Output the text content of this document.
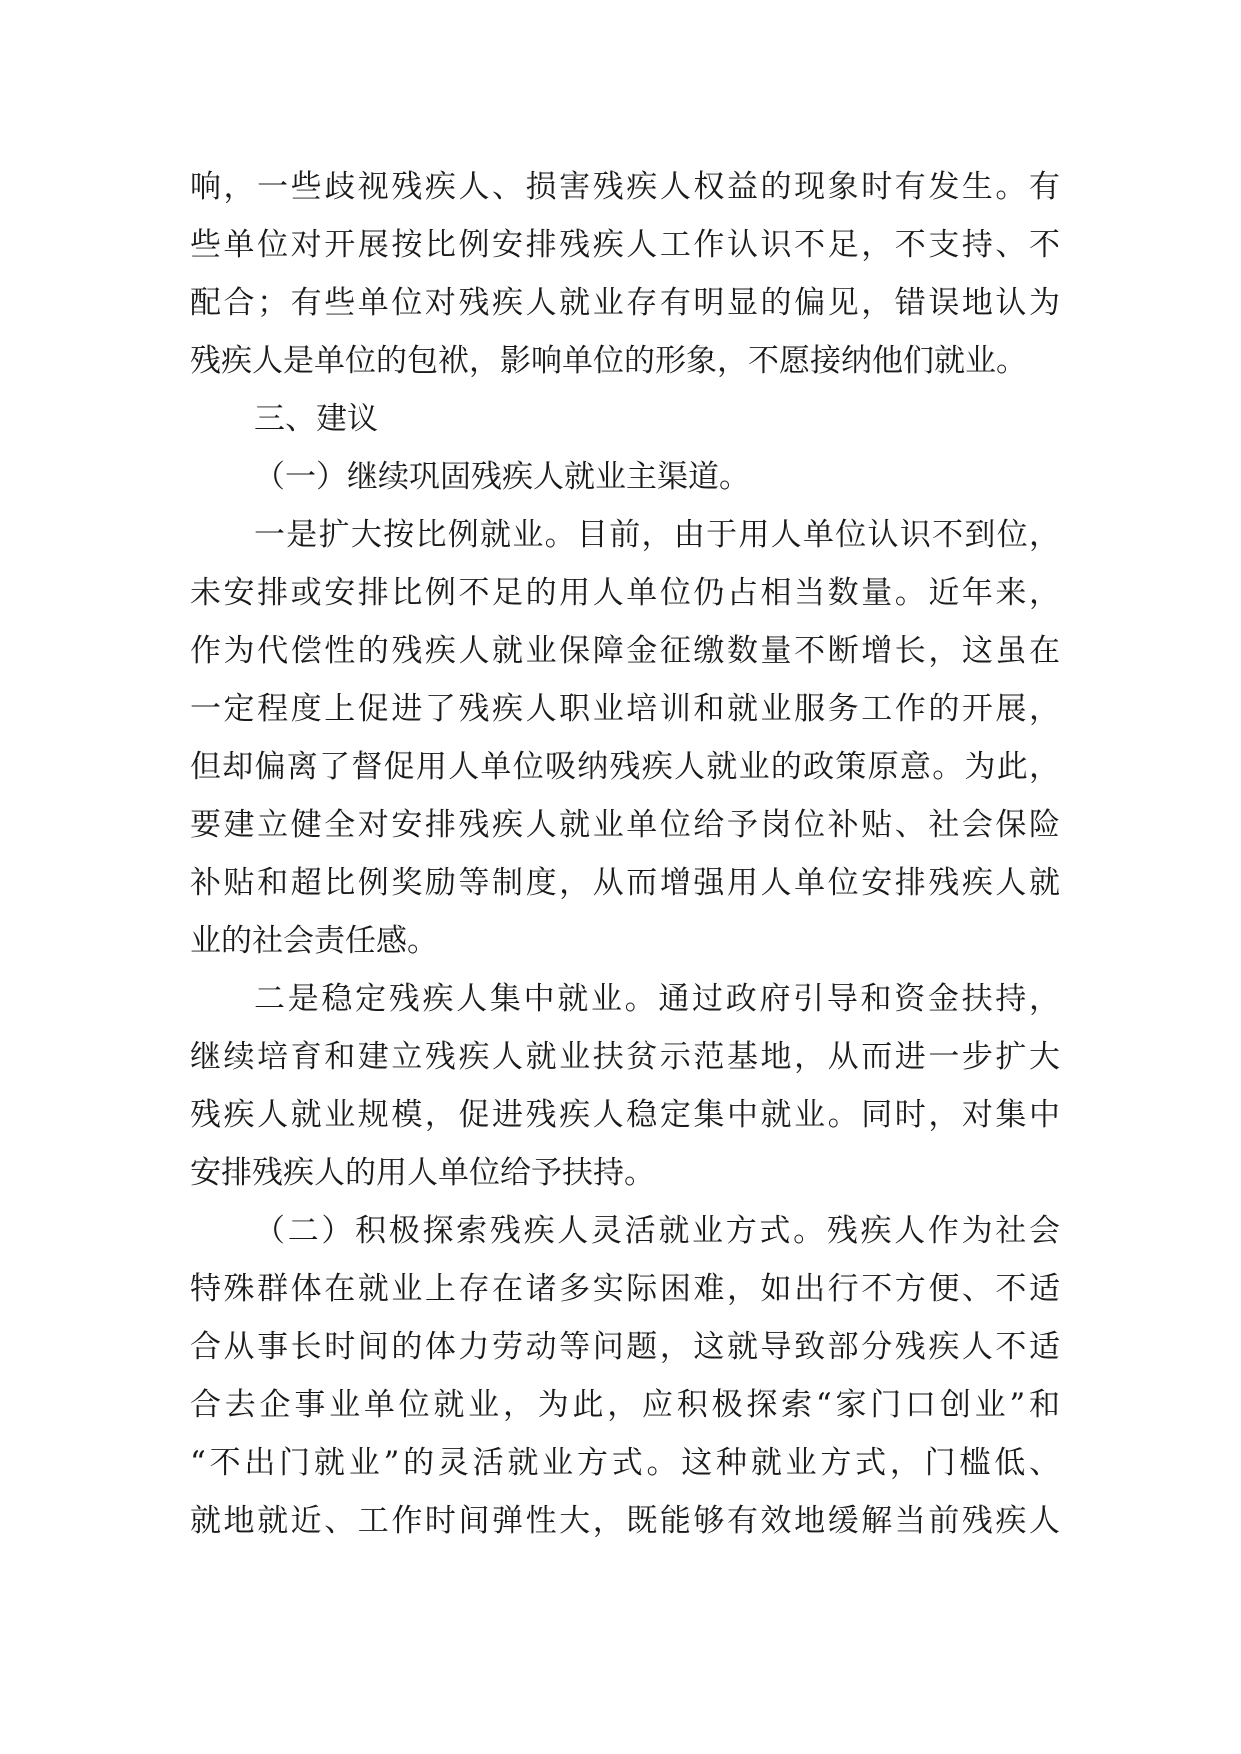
响，一些歧视残疾人、损害残疾人权益的现象时有发生。有
些单位对开展按比例安排残疾人工作认识不足，不支持、不
配合；有些单位对残疾人就业存有明显的偏见，错误地认为
残疾人是单位的包袱，影响单位的形象，不愿接纳他们就业。
三、建议
（一）继续巩固残疾人就业主渠道。
一是扩大按比例就业。目前，由于用人单位认识不到位，
未安排或安排比例不足的用人单位仍占相当数量。近年来，
作为代偿性的残疾人就业保障金征缴数量不断增长，这虽在
一定程度上促进了残疾人职业培训和就业服务工作的开展，
但却偏离了督促用人单位吸纳残疾人就业的政策原意。为此，
要建立健全对安排残疾人就业单位给予岗位补贴、社会保险
补贴和超比例奖励等制度，从而增强用人单位安排残疾人就
业的社会责任感。
二是稳定残疾人集中就业。通过政府引导和资金扶持，
继续培育和建立残疾人就业扶贫示范基地，从而进一步扩大
残疾人就业规模，促进残疾人稳定集中就业。同时，对集中
安排残疾人的用人单位给予扶持。
（二）积极探索残疾人灵活就业方式。残疾人作为社会
特殊群体在就业上存在诸多实际困难，如出行不方便、不适
合从事长时间的体力劳动等问题，这就导致部分残疾人不适
合去企事业单位就业，为此，应积极探索“家门口创业”和
“不出门就业”的灵活就业方式。这种就业方式，门槛低、
就地就近、工作时间弹性大，既能够有效地缓解当前残疾人
